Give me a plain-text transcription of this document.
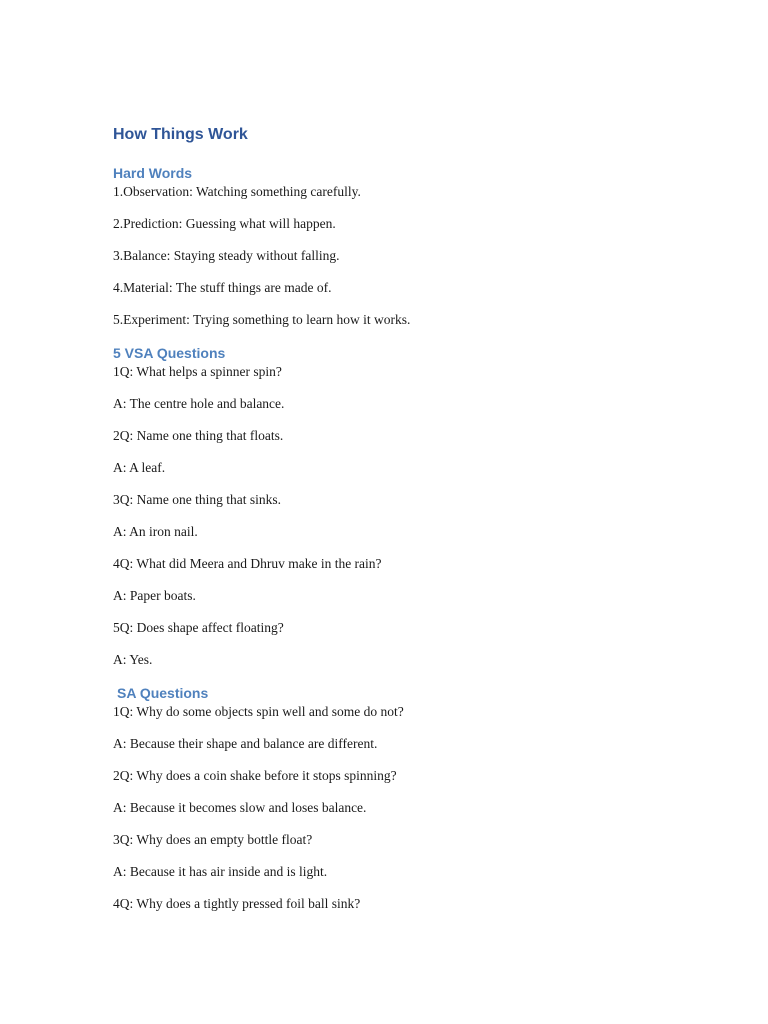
How Things Work
Hard Words
1.Observation: Watching something carefully.
2.Prediction: Guessing what will happen.
3.Balance: Staying steady without falling.
4.Material: The stuff things are made of.
5.Experiment: Trying something to learn how it works.
5 VSA Questions
1Q: What helps a spinner spin?
A: The centre hole and balance.
2Q: Name one thing that floats.
A: A leaf.
3Q: Name one thing that sinks.
A: An iron nail.
4Q: What did Meera and Dhruv make in the rain?
A: Paper boats.
5Q: Does shape affect floating?
A: Yes.
SA Questions
1Q: Why do some objects spin well and some do not?
A: Because their shape and balance are different.
2Q: Why does a coin shake before it stops spinning?
A: Because it becomes slow and loses balance.
3Q: Why does an empty bottle float?
A: Because it has air inside and is light.
4Q: Why does a tightly pressed foil ball sink?
